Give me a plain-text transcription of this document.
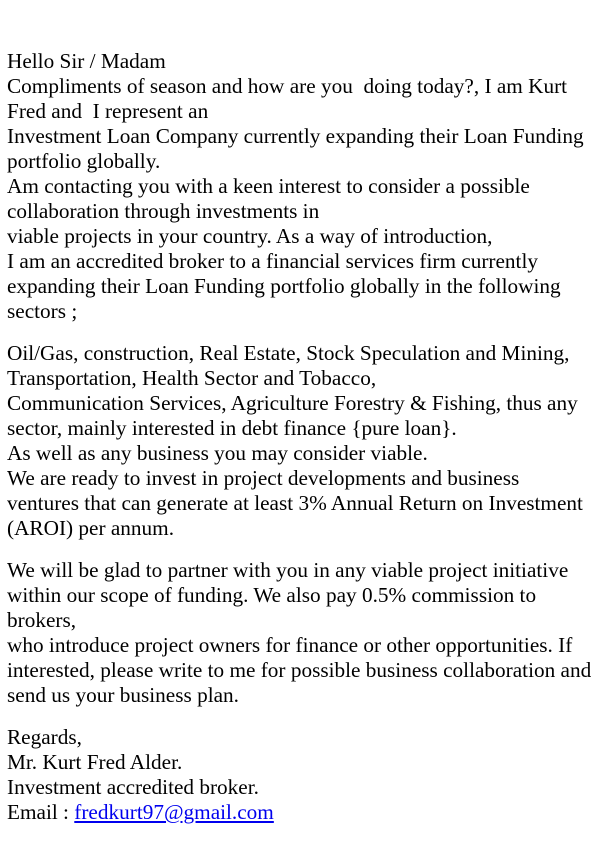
Hello Sir / Madam
Compliments of season and how are you  doing today?, I am Kurt Fred and  I represent an
Investment Loan Company currently expanding their Loan Funding portfolio globally.
Am contacting you with a keen interest to consider a possible collaboration through investments in
viable projects in your country. As a way of introduction,
I am an accredited broker to a financial services firm currently expanding their Loan Funding portfolio globally in the following sectors ;

Oil/Gas, construction, Real Estate, Stock Speculation and Mining, Transportation, Health Sector and Tobacco,
Communication Services, Agriculture Forestry & Fishing, thus any sector, mainly interested in debt finance {pure loan}.
As well as any business you may consider viable.
We are ready to invest in project developments and business ventures that can generate at least 3% Annual Return on Investment (AROI) per annum.

We will be glad to partner with you in any viable project initiative within our scope of funding. We also pay 0.5% commission to brokers,
who introduce project owners for finance or other opportunities. If interested, please write to me for possible business collaboration and send us your business plan.

Regards,
Mr. Kurt Fred Alder.
Investment accredited broker.
Email : fredkurt97@gmail.com
